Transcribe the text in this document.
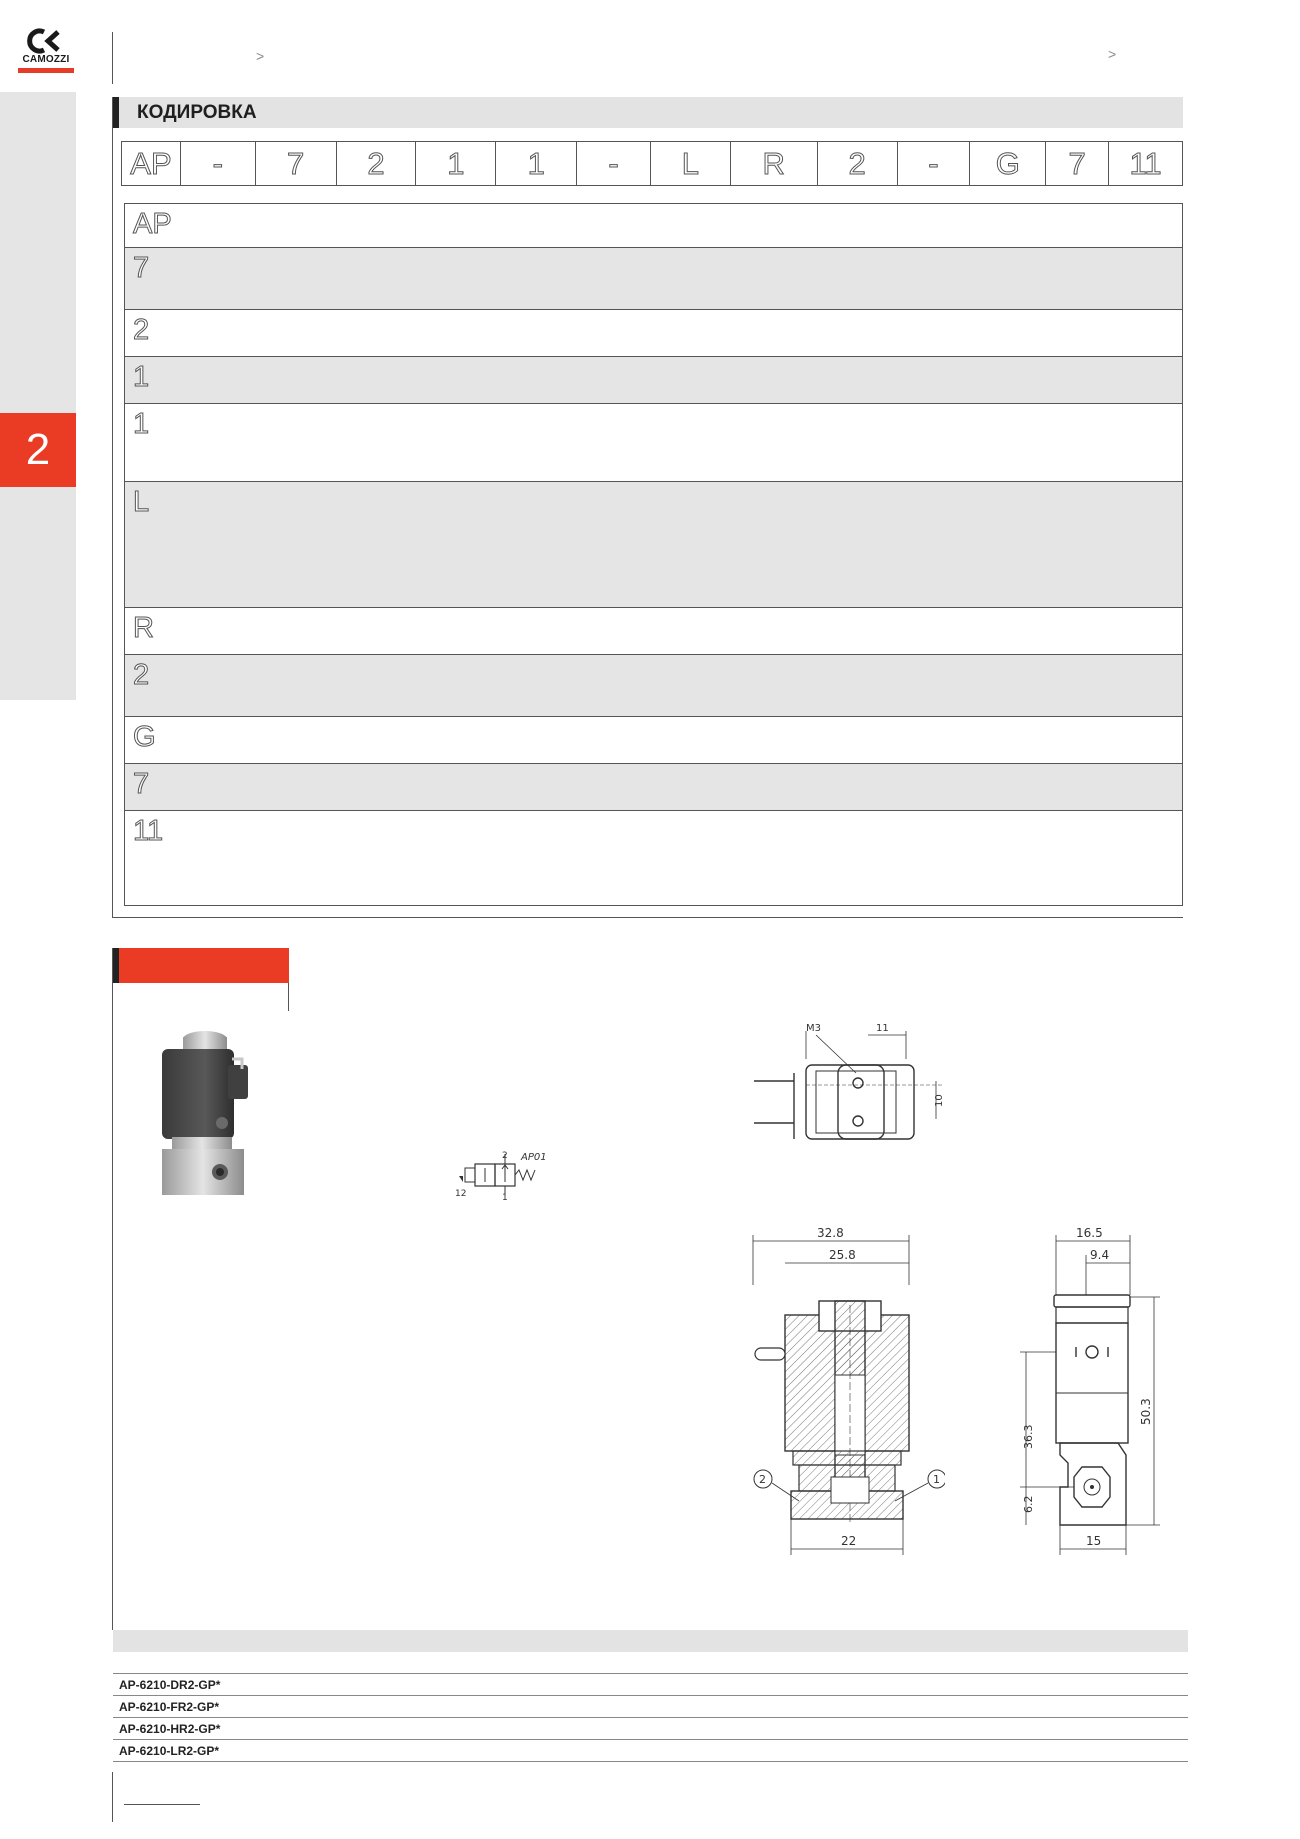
CAMOZZI
2
>	>
КОДИРОВКА
AP	-	7	2	1	1	-	L	R	2	-	G	7	11
AP
7
2
1
1
L
R
2
G
7
11
2
1
12
AP01
11
M3
10
32.8
25.8
22
2	1
16.5
9.4
36.3
6.2
50.3
15
AP-6210-DR2-GP*
AP-6210-FR2-GP*
AP-6210-HR2-GP*
AP-6210-LR2-GP*
